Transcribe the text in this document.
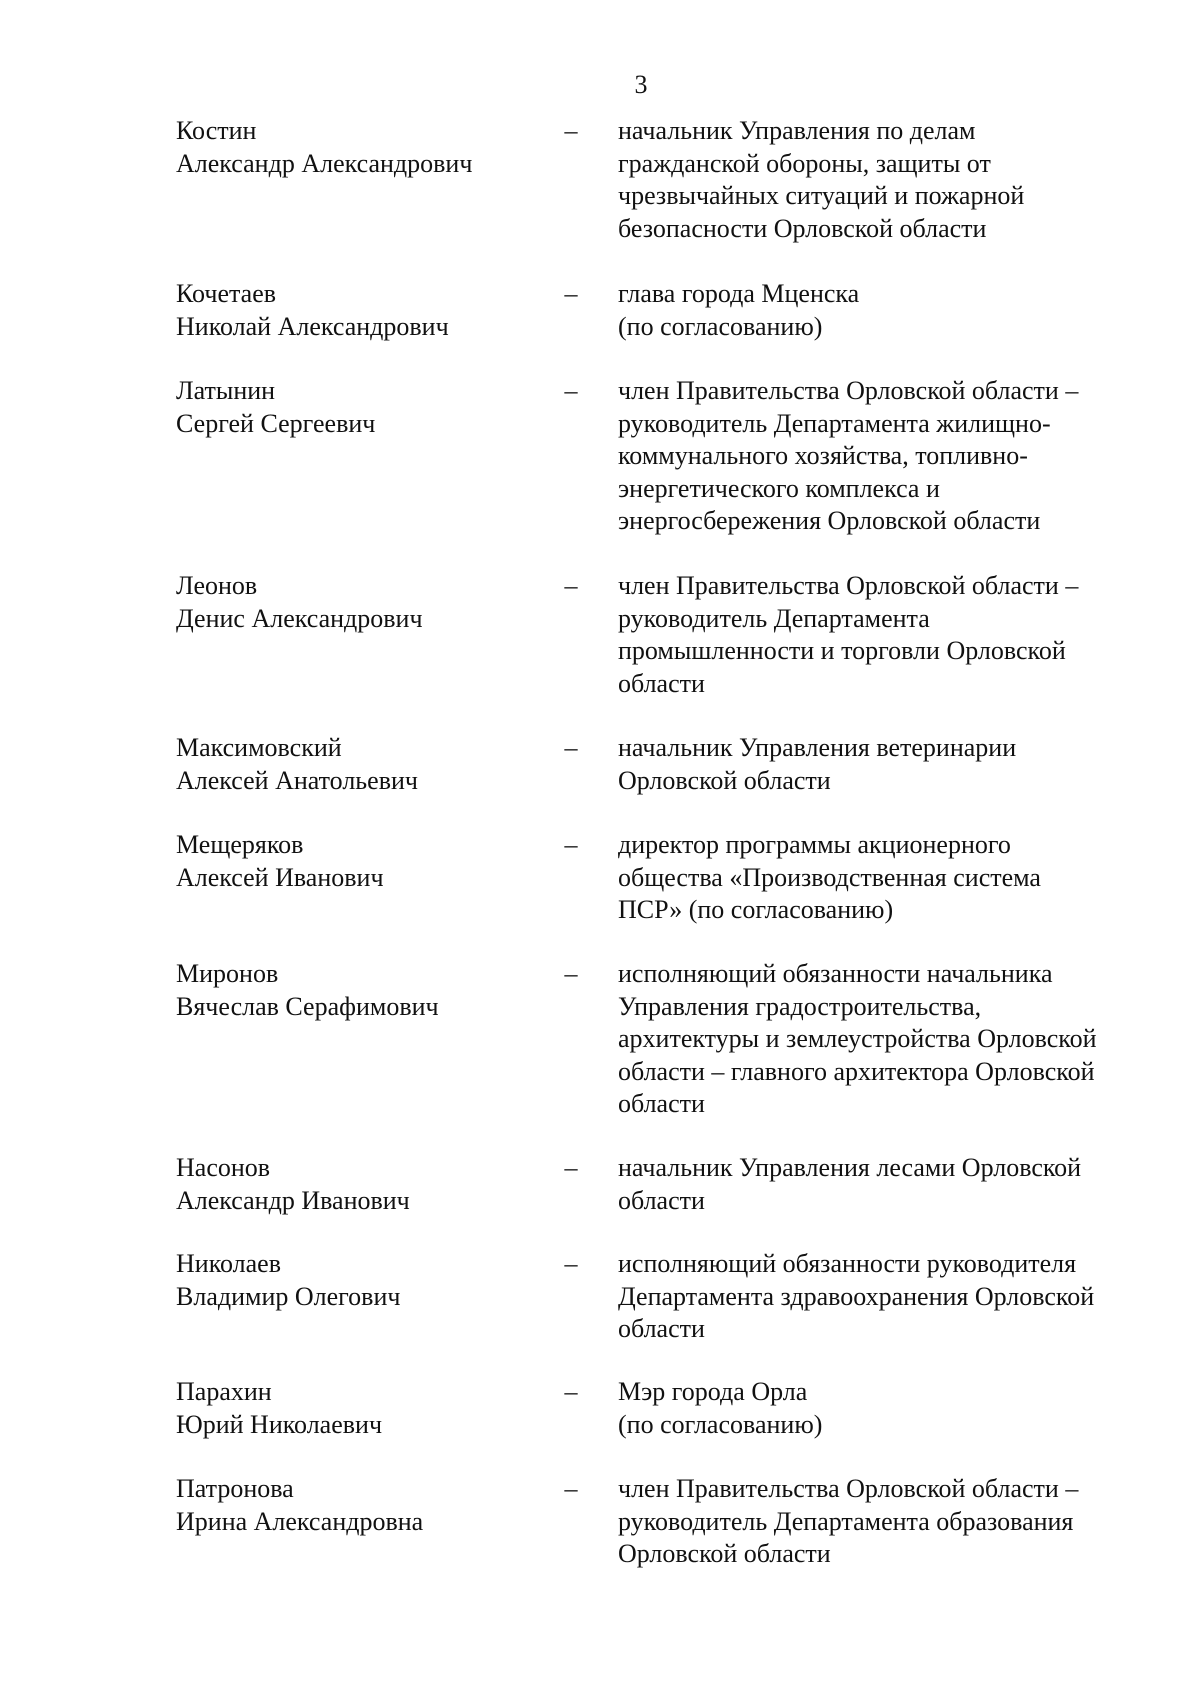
3
Костин
Александр Александрович
– начальник Управления по делам
гражданской обороны, защиты от
чрезвычайных ситуаций и пожарной
безопасности Орловской области
Кочетаев
Николай Александрович
– глава города Мценска
(по согласованию)
Латынин
Сергей Сергеевич
– член Правительства Орловской области –
руководитель Департамента жилищно-
коммунального хозяйства, топливно-
энергетического комплекса и
энергосбережения Орловской области
Леонов
Денис Александрович
– член Правительства Орловской области –
руководитель Департамента
промышленности и торговли Орловской
области
Максимовский
Алексей Анатольевич
– начальник Управления ветеринарии
Орловской области
Мещеряков
Алексей Иванович
– директор программы акционерного
общества «Производственная система
ПСР» (по согласованию)
Миронов
Вячеслав Серафимович
– исполняющий обязанности начальника
Управления градостроительства,
архитектуры и землеустройства Орловской
области – главного архитектора Орловской
области
Насонов
Александр Иванович
– начальник Управления лесами Орловской
области
Николаев
Владимир Олегович
– исполняющий обязанности руководителя
Департамента здравоохранения Орловской
области
Парахин
Юрий Николаевич
– Мэр города Орла
(по согласованию)
Патронова
Ирина Александровна
– член Правительства Орловской области –
руководитель Департамента образования
Орловской области
